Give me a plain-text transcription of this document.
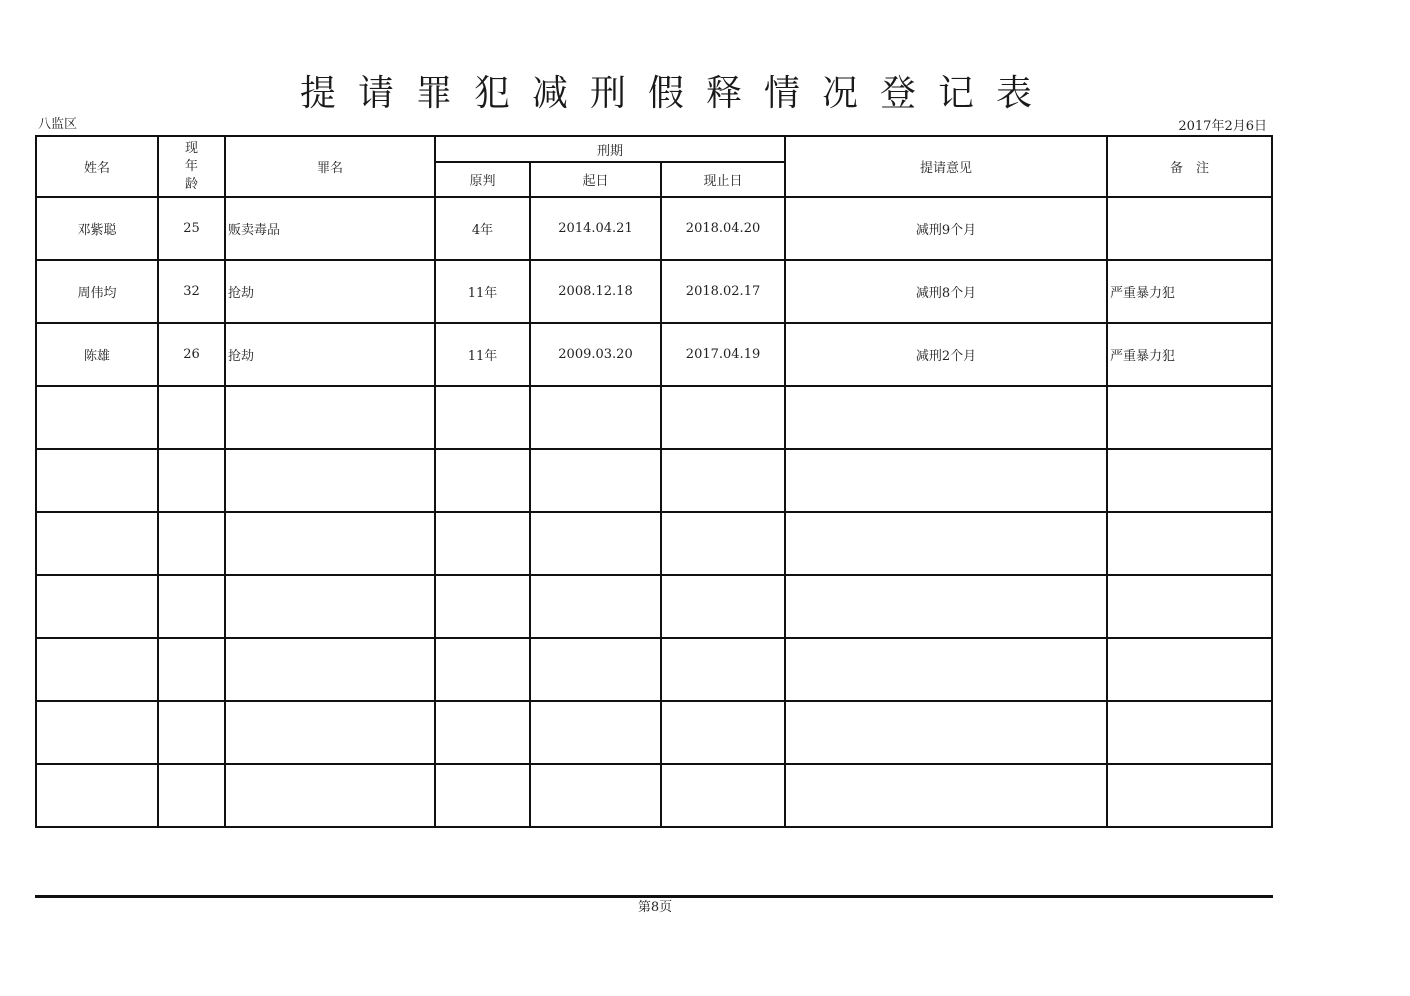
提请罪犯减刑假释情况登记表
八监区	2017年2月6日
姓名	现
年
龄	罪名	刑期			提请意见	备　注
			原判	起日	现止日		
邓紫聪	25	贩卖毒品	4年	2014.04.21	2018.04.20	减刑9个月	
周伟均	32	抢劫	11年	2008.12.18	2018.02.17	减刑8个月	严重暴力犯
陈雄	26	抢劫	11年	2009.03.20	2017.04.19	减刑2个月	严重暴力犯

第8页
